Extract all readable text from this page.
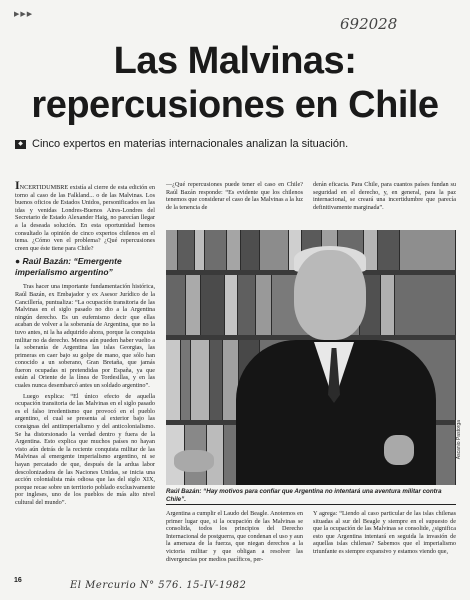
▶▶▶
692028
Las Malvinas:
repercusiones en Chile
◆ Cinco expertos en materias internacionales analizan la situación.

INCERTIDUMBRE existía al cierre de esta edición en torno al caso de las Falkland... o de las Malvinas. Los buenos oficios de Estados Unidos, personificados en las idas y venidas Londres-Buenos Aires-Londres del Secretario de Estado Alexander Haig, no parecían llegar a la deseada solución. En esta oportunidad hemos consultado la opinión de cinco expertos chilenos en el tema. ¿Cómo ven el problema? ¿Qué repercusiones creen que éste tiene para Chile?

● Raúl Bazán: “Emergente
imperialismo argentino”

Tras hacer una importante fundamentación histórica, Raúl Bazán, ex Embajador y ex Asesor Jurídico de la Cancillería, puntualiza: “La ocupación transitoria de las Malvinas en el siglo pasado no dio a la Argentina ningún derecho. Es un eufemismo decir que ellas acaban de volver a la soberanía de Argentina, que no la tuvo antes, ni la ha adquirido ahora, porque la conquista militar no da derecho. Menos aún pueden haber vuelto a la soberanía de Argentina las islas Georgias, las primeras en caer bajo su golpe de mano, que sólo han conocido a un soberano, Gran Bretaña, que jamás fueron ocupadas ni pretendidas por España, ya que están al Oriente de la línea de Tordesillas, y en las cuales nunca desembarcó antes un soldado argentino”.

Luego explica: “El único efecto de aquella ocupación transitoria de las Malvinas en el siglo pasado es el falso irredentismo que provocó en el pueblo argentino, el cual se presenta al exterior bajo las consignas del antiimperialismo y del anticolonialismo. Se ha distorsionado la verdad dentro y fuera de la Argentina. Esto explica que muchos países no hayan visto aún detrás de la reciente conquista militar de las Malvinas al emergente imperialismo argentino, ni se hayan percatado de que, después de la ardua labor descolonizadora de las Naciones Unidas, se inicia una acción colonialista más odiosa que las del siglo XIX, porque recae sobre un territorio poblado exclusivamente por ingleses, uno de los pueblos de más alto nivel cultural del mundo”.

—¿Qué repercusiones puede tener el caso en Chile? Raúl Bazán responde: “Es evidente que los chilenos tenemos que considerar el caso de las Malvinas a la luz de la tenencia de
derán eficacia. Para Chile, para cuantos países fundan su seguridad en el derecho, y, en general, para la paz internacional, se creará una incertidumbre que parecía definitivamente marginada”.
Ascanio Pastorga
Raúl Bazán: “Hay motivos para confiar que Argentina no intentará una aventura militar contra Chile”.
Argentina a cumplir el Laudo del Beagle. Anotemos en primer lugar que, si la ocupación de las Malvinas se consolida, todos los principios del Derecho Internacional de postguerra, que condenan el uso y aun la amenaza de la fuerza, que niegan derechos a la victoria militar y que obligan a resolver las divergencias por medios pacíficos, per-
Y agrega: “Liendo al caso particular de las islas chilenas situadas al sur del Beagle y siempre en el supuesto de que la ocupación de las Malvinas se consolide, ¿significa esto que Argentina intentará en seguida la invasión de aquellas islas chilenas? Sabemos que el imperialismo triunfante es siempre expansivo y estamos viendo que,
16	El Mercurio N° 576. 15-IV-1982
